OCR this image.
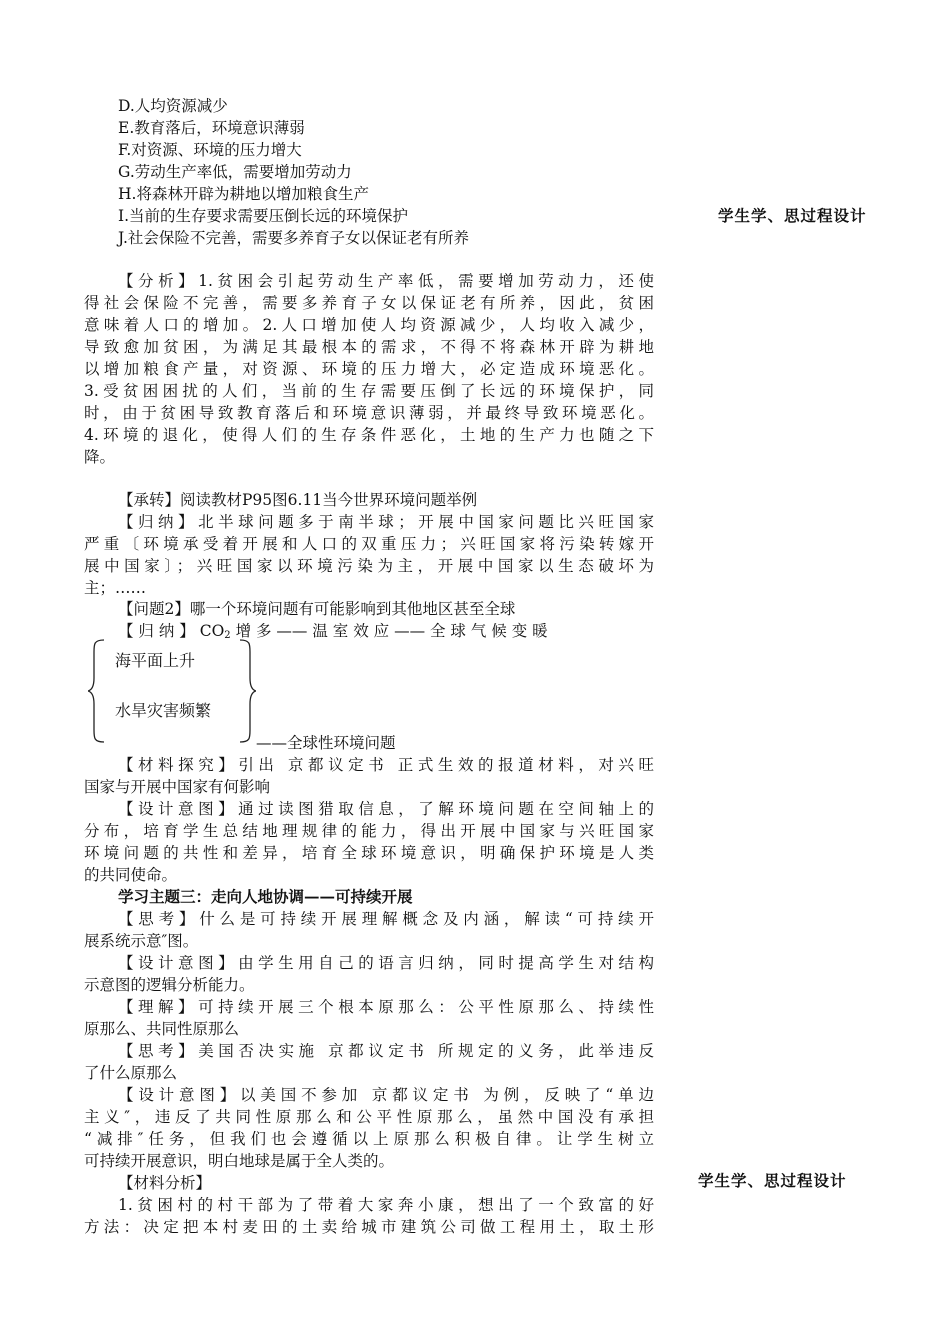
D.人均资源减少
E.教育落后，环境意识薄弱
F.对资源、环境的压力增大
G.劳动生产率低，需要增加劳动力
H.将森林开辟为耕地以增加粮食生产
I.当前的生存要求需要压倒长远的环境保护
J.社会保险不完善，需要多养育子女以保证老有所养
学生学、思过程设计
【分析】1.贫困会引起劳动生产率低，需要增加劳动力，还使
得社会保险不完善，需要多养育子女以保证老有所养，因此，贫困
意味着人口的增加。2.人口增加使人均资源减少，人均收入减少，
导致愈加贫困，为满足其最根本的需求，不得不将森林开辟为耕地
以增加粮食产量，对资源、环境的压力增大，必定造成环境恶化。
3.受贫困困扰的人们，当前的生存需要压倒了长远的环境保护，同
时，由于贫困导致教育落后和环境意识薄弱，并最终导致环境恶化。
4.环境的退化，使得人们的生存条件恶化，土地的生产力也随之下
降。
【承转】阅读教材P95图6.11当今世界环境问题举例
【归纳】北半球问题多于南半球；开展中国家问题比兴旺国家
严重〔环境承受着开展和人口的双重压力；兴旺国家将污染转嫁开
展中国家〕；兴旺国家以环境污染为主，开展中国家以生态破坏为
主；……
【问题2】哪一个环境问题有可能影响到其他地区甚至全球
【 归 纳 】 $CO_2$ 增 多 —— 温 室 效 应 —— 全 球 气 候 变 暖
海平面上升
水旱灾害频繁
——全球性环境问题
【材料探究】引出 京都议定书 正式生效的报道材料，对兴旺
国家与开展中国家有何影响
【设计意图】通过读图猎取信息，了解环境问题在空间轴上的
分布，培育学生总结地理规律的能力，得出开展中国家与兴旺国家
环境问题的共性和差异，培育全球环境意识，明确保护环境是人类
的共同使命。
学习主题三：走向人地协调——可持续开展
【思考】什么是可持续开展理解概念及内涵，解读“可持续开
展系统示意″图。
【设计意图】由学生用自己的语言归纳，同时提高学生对结构
示意图的逻辑分析能力。
【理解】可持续开展三个根本原那么：公平性原那么、持续性
原那么、共同性原那么
【思考】美国否决实施 京都议定书 所规定的义务，此举违反
了什么原那么
【设计意图】以美国不参加 京都议定书 为例，反映了“单边
主义″，违反了共同性原那么和公平性原那么，虽然中国没有承担
“减排″任务，但我们也会遵循以上原那么积极自律。让学生树立
可持续开展意识，明白地球是属于全人类的。
【材料分析】	学生学、思过程设计
1.贫困村的村干部为了带着大家奔小康，想出了一个致富的好
方法：决定把本村麦田的土卖给城市建筑公司做工程用土，取土形
